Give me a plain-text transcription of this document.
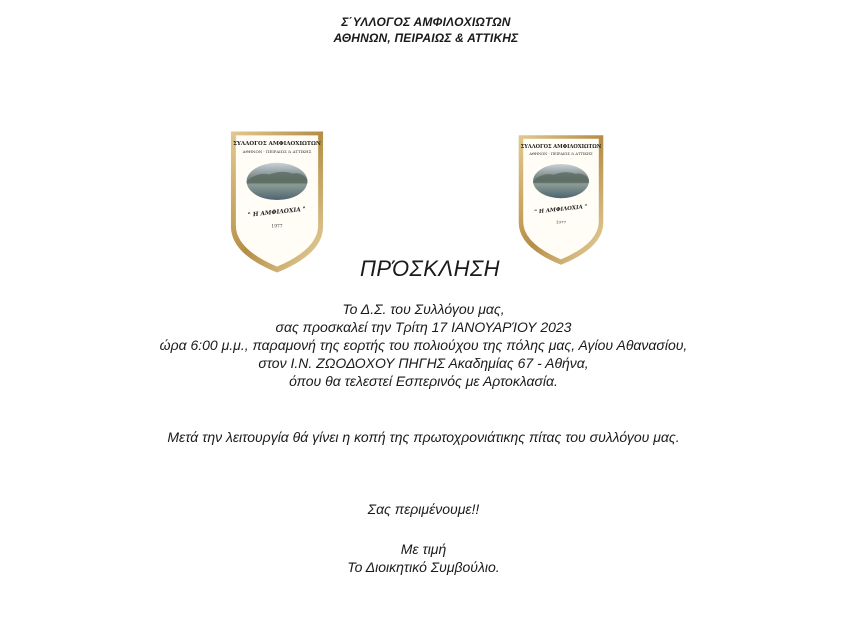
Σ΄ΥΛΛΟΓΟΣ ΑΜΦΙΛΟΧΙΩΤΩΝ
ΑΘΗΝΩΝ, ΠΕΙΡΑΙΩΣ & ΑΤΤΙΚΗΣ
ΣΥΛΛΟΓΟΣ ΑΜΦΙΛΟΧΙΩΤΩΝ
ΑΘΗΝΩΝ - ΠΕΙΡΑΙΩΣ & ΑΤΤΙΚΗΣ
" Η ΑΜΦΙΛΟΧΙΑ "
1977
ΣΥΛΛΟΓΟΣ ΑΜΦΙΛΟΧΙΩΤΩΝ
ΑΘΗΝΩΝ - ΠΕΙΡΑΙΩΣ & ΑΤΤΙΚΗΣ
" Η ΑΜΦΙΛΟΧΙΑ "
1977
ΠΡΌΣΚΛΗΣΗ
Το Δ.Σ. του Συλλόγου μας,
σας προσκαλεί την Τρίτη 17 ΙΑΝΟΥΑΡΊΟΥ 2023
ώρα 6:00 μ.μ., παραμονή της εορτής του πολιούχου της πόλης μας, Αγίου Αθανασίου,
στον Ι.Ν. ΖΩΟΔΟΧΟΥ ΠΗΓΗΣ Ακαδημίας 67 - Αθήνα,
όπου θα τελεστεί Εσπερινός με Αρτοκλασία.
Μετά την λειτουργία θά γίνει η κοπή της πρωτοχρονιάτικης πίτας του συλλόγου μας.
Σας περιμένουμε!!
Με τιμή
Το Διοικητικό Συμβούλιο.
